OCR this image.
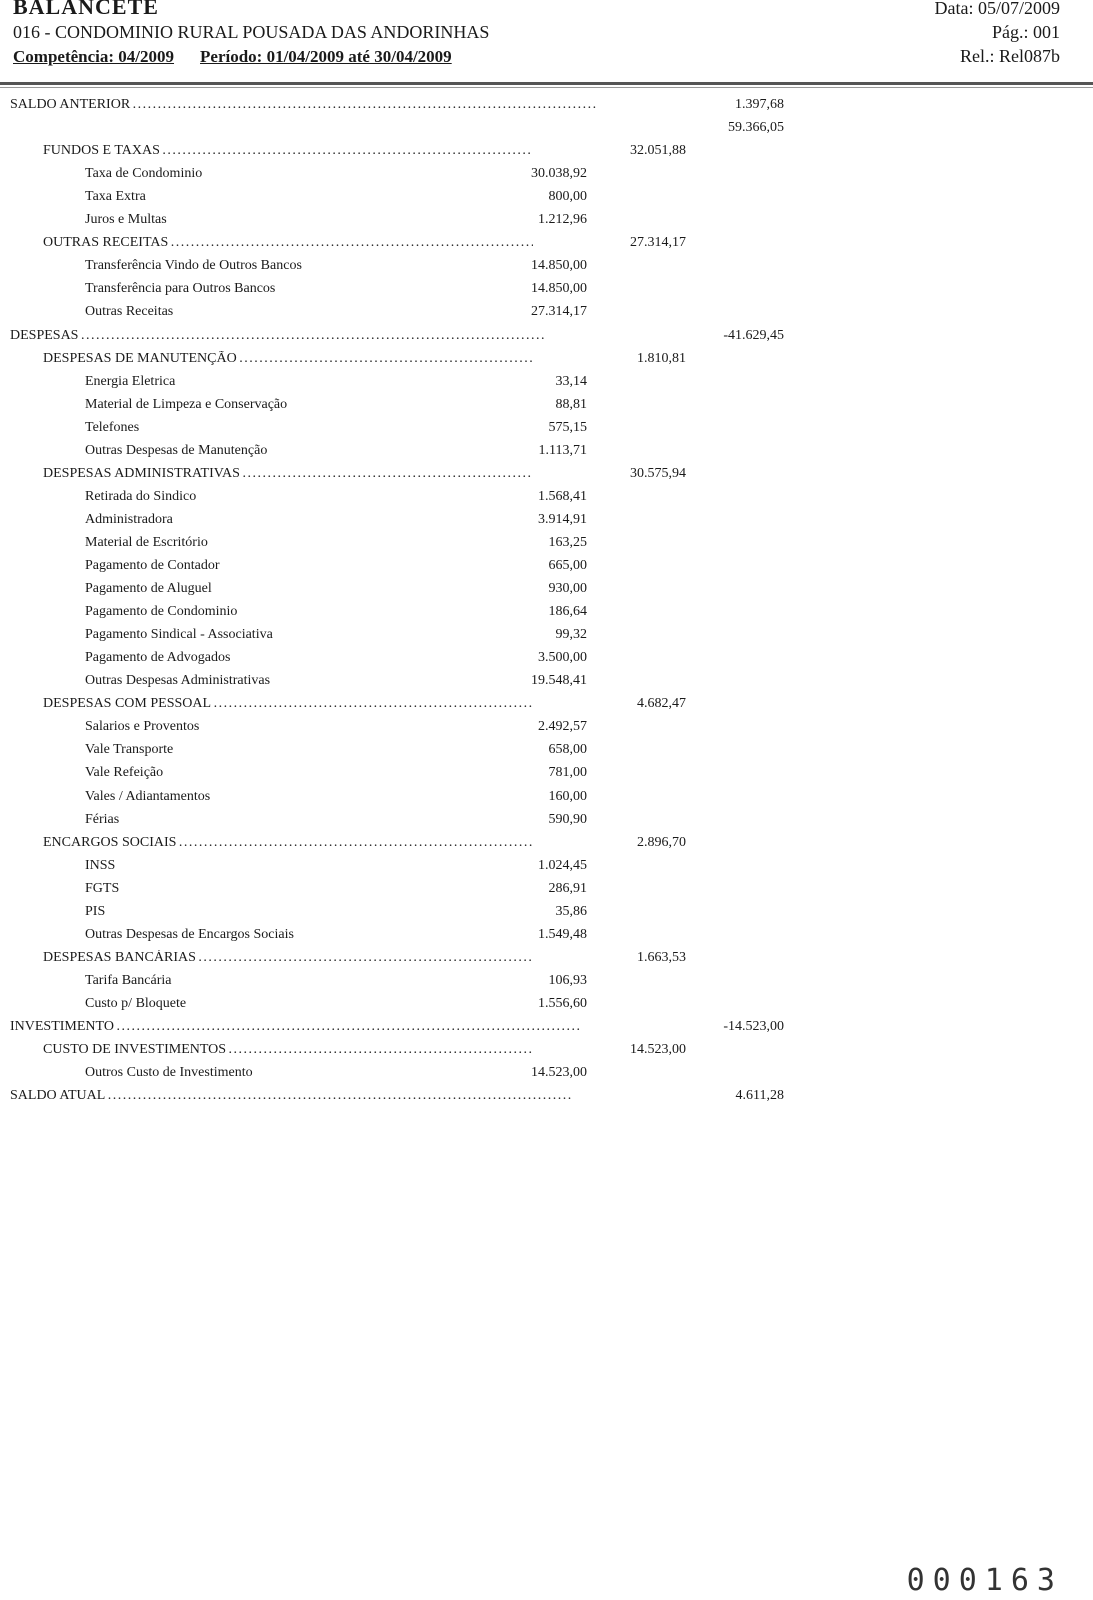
BALANCETE
016 - CONDOMINIO RURAL POUSADA DAS ANDORINHAS
Competência: 04/2009 Período: 01/04/2009 até 30/04/2009
Data: 05/07/2009
Pág.: 001
Rel.: Rel087b
SALDO ANTERIOR . . .	1.397,68
59.366,05
FUNDOS E TAXAS . . .	32.051,88
Taxa de Condominio	30.038,92
Taxa Extra	800,00
Juros e Multas	1.212,96
OUTRAS RECEITAS . . .	27.314,17
Transferência Vindo de Outros Bancos	14.850,00
Transferência para Outros Bancos	14.850,00
Outras Receitas	27.314,17
DESPESAS . . .	-41.629,45
DESPESAS DE MANUTENÇÃO . . .	1.810,81
Energia Eletrica	33,14
Material de Limpeza e Conservação	88,81
Telefones	575,15
Outras Despesas de Manutenção	1.113,71
DESPESAS ADMINISTRATIVAS . . .	30.575,94
Retirada do Sindico	1.568,41
Administradora	3.914,91
Material de Escritório	163,25
Pagamento de Contador	665,00
Pagamento de Aluguel	930,00
Pagamento de Condominio	186,64
Pagamento Sindical - Associativa	99,32
Pagamento de Advogados	3.500,00
Outras Despesas Administrativas	19.548,41
DESPESAS COM PESSOAL . . .	4.682,47
Salarios e Proventos	2.492,57
Vale Transporte	658,00
Vale Refeição	781,00
Vales / Adiantamentos	160,00
Férias	590,90
ENCARGOS SOCIAIS . . .	2.896,70
INSS	1.024,45
FGTS	286,91
PIS	35,86
Outras Despesas de Encargos Sociais	1.549,48
DESPESAS BANCÁRIAS . . .	1.663,53
Tarifa Bancária	106,93
Custo p/ Bloquete	1.556,60
INVESTIMENTO . . .	-14.523,00
CUSTO DE INVESTIMENTOS . . .	14.523,00
Outros Custo de Investimento	14.523,00
SALDO ATUAL . . .	4.611,28
000163
